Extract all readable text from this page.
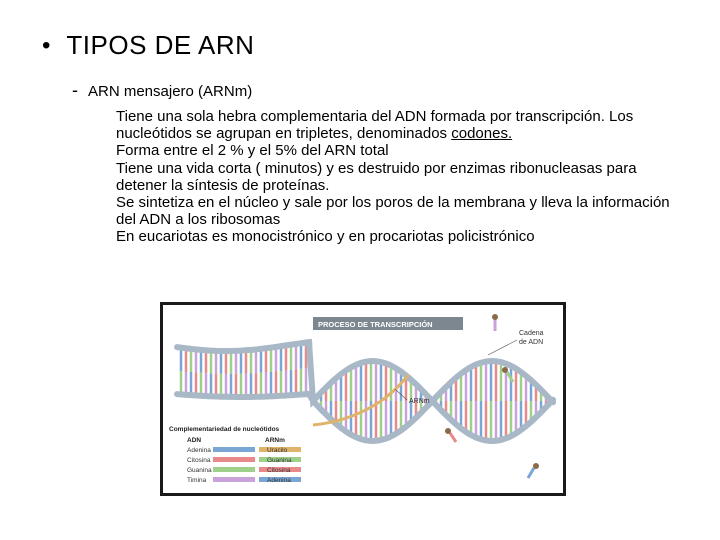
• TIPOS DE ARN
- ARN mensajero (ARNm)

Tiene una sola hebra complementaria del ADN formada por transcripción. Los nucleótidos se agrupan en tripletes, denominados codones.

Forma entre el 2 % y el 5% del ARN total

Tiene una vida corta ( minutos) y es destruido por enzimas ribonucleasas para detener la síntesis de proteínas.

Se sintetiza en el núcleo y sale por los poros de la membrana y lleva la información del ADN a los ribosomas

En eucariotas es monocistrónico y en procariotas policistrónico

PROCESO DE TRANSCRIPCIÓN
Cadena
de ADN
ARNm
Complementariedad de nucleótidos
ADN	ARNm
Adenina	Uracilo
Citosina	Guanina
Guanina	Citosina
Timina	Adenina
